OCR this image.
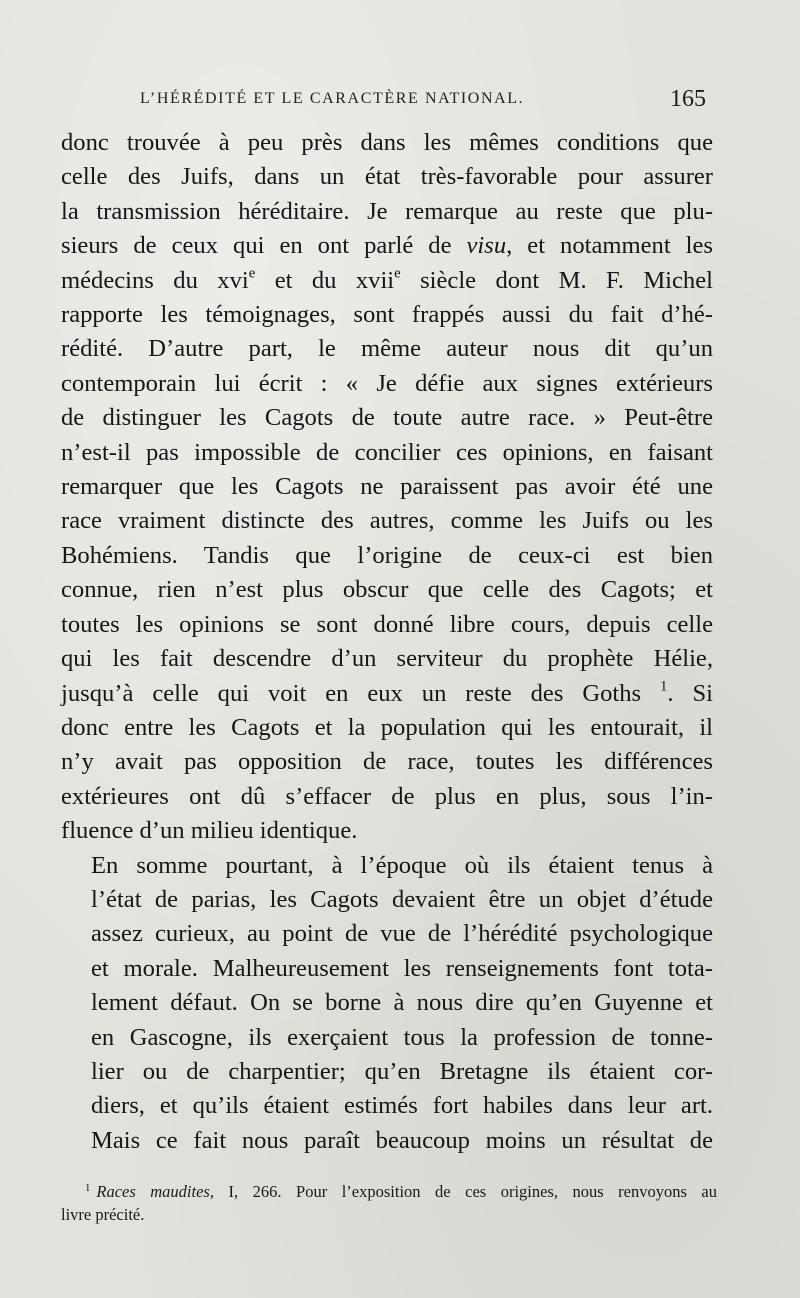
L’HÉRÉDITÉ ET LE CARACTÈRE NATIONAL.	165

donc trouvée à peu près dans les mêmes conditions que
celle des Juifs, dans un état très-favorable pour assurer
la transmission héréditaire. Je remarque au reste que plu-
sieurs de ceux qui en ont parlé de visu, et notamment les
médecins du xvi$^e$ et du xvii$^e$ siècle dont M. F. Michel
rapporte les témoignages, sont frappés aussi du fait d’hé-
rédité. D’autre part, le même auteur nous dit qu’un
contemporain lui écrit : « Je défie aux signes extérieurs
de distinguer les Cagots de toute autre race. » Peut-être
n’est-il pas impossible de concilier ces opinions, en faisant
remarquer que les Cagots ne paraissent pas avoir été une
race vraiment distincte des autres, comme les Juifs ou les
Bohémiens. Tandis que l’origine de ceux-ci est bien
connue, rien n’est plus obscur que celle des Cagots; et
toutes les opinions se sont donné libre cours, depuis celle
qui les fait descendre d’un serviteur du prophète Hélie,
jusqu’à celle qui voit en eux un reste des Goths $^1$. Si
donc entre les Cagots et la population qui les entourait, il
n’y avait pas opposition de race, toutes les différences
extérieures ont dû s’effacer de plus en plus, sous l’in-
fluence d’un milieu identique.

En somme pourtant, à l’époque où ils étaient tenus à
l’état de parias, les Cagots devaient être un objet d’étude
assez curieux, au point de vue de l’hérédité psychologique
et morale. Malheureusement les renseignements font tota-
lement défaut. On se borne à nous dire qu’en Guyenne et
en Gascogne, ils exerçaient tous la profession de tonne-
lier ou de charpentier; qu’en Bretagne ils étaient cor-
diers, et qu’ils étaient estimés fort habiles dans leur art.
Mais ce fait nous paraît beaucoup moins un résultat de

$^1$ Races maudites, I, 266. Pour l’exposition de ces origines, nous renvoyons au
livre précité.
